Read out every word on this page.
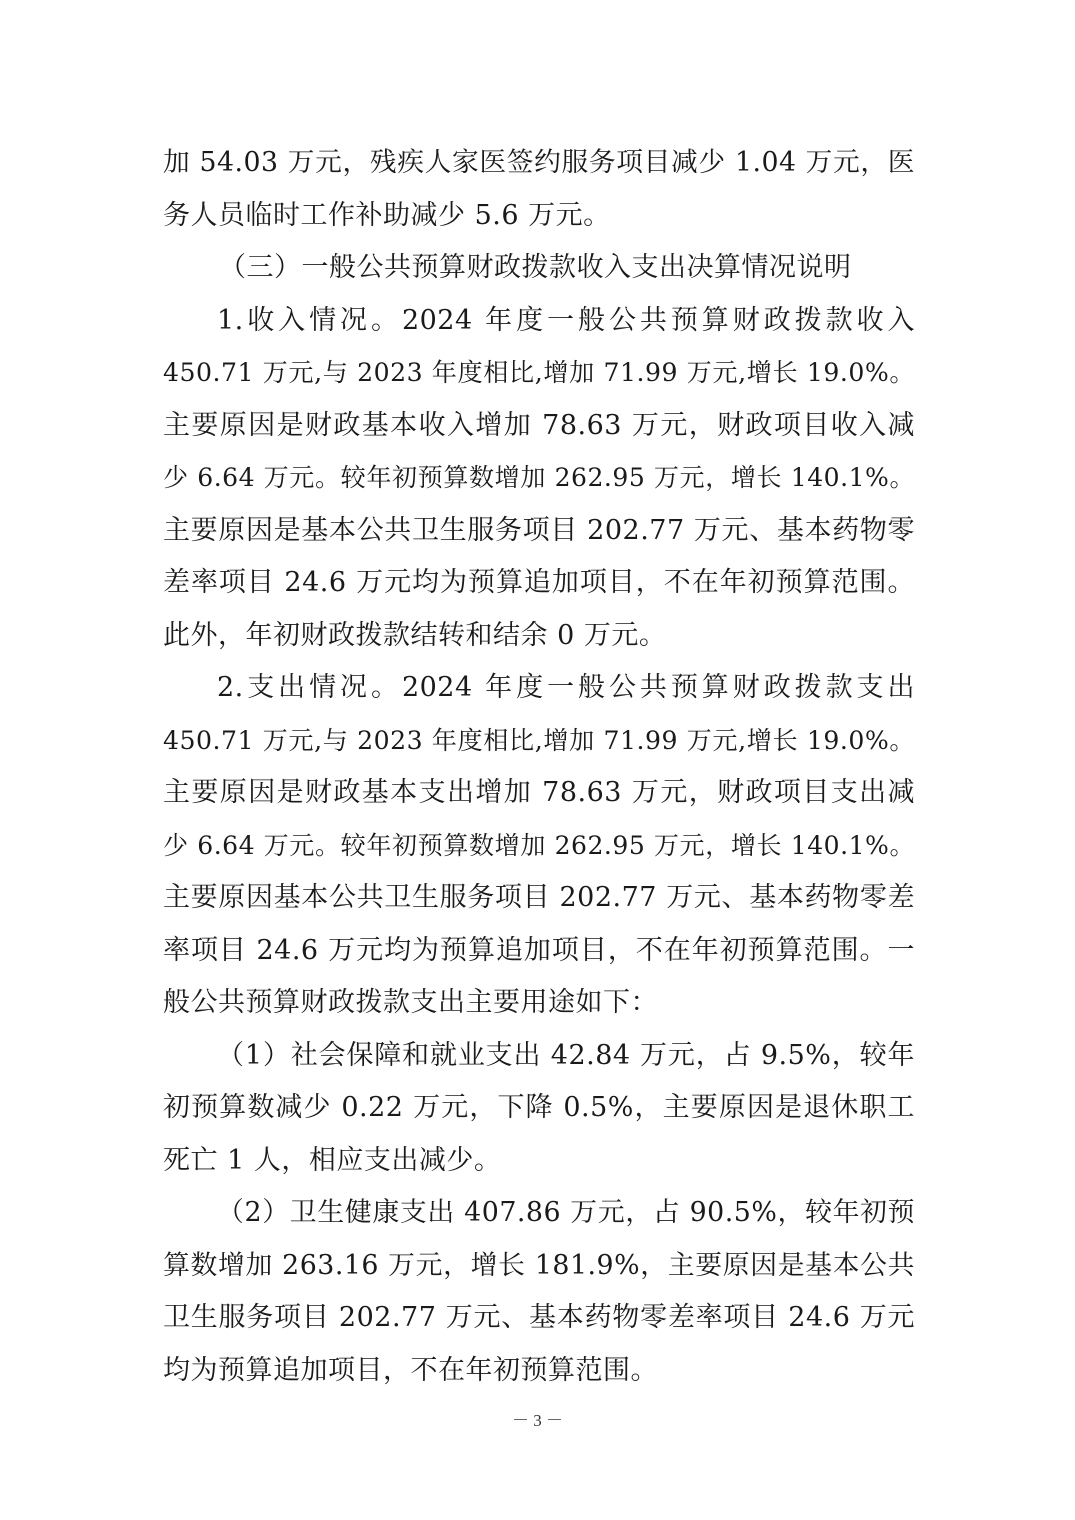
加 54.03 万元，残疾人家医签约服务项目减少 1.04 万元，医
务人员临时工作补助减少 5.6 万元。
（三）一般公共预算财政拨款收入支出决算情况说明
1.收入情况。2024 年度一般公共预算财政拨款收入
450.71 万元,与 2023 年度相比,增加 71.99 万元,增长 19.0%。
主要原因是财政基本收入增加 78.63 万元，财政项目收入减
少 6.64 万元。较年初预算数增加 262.95 万元，增长 140.1%。
主要原因是基本公共卫生服务项目 202.77 万元、基本药物零
差率项目 24.6 万元均为预算追加项目，不在年初预算范围。
此外，年初财政拨款结转和结余 0 万元。
2.支出情况。2024 年度一般公共预算财政拨款支出
450.71 万元,与 2023 年度相比,增加 71.99 万元,增长 19.0%。
主要原因是财政基本支出增加 78.63 万元，财政项目支出减
少 6.64 万元。较年初预算数增加 262.95 万元，增长 140.1%。
主要原因基本公共卫生服务项目 202.77 万元、基本药物零差
率项目 24.6 万元均为预算追加项目，不在年初预算范围。一
般公共预算财政拨款支出主要用途如下：
（1）社会保障和就业支出 42.84 万元，占 9.5%，较年
初预算数减少 0.22 万元，下降 0.5%，主要原因是退休职工
死亡 1 人，相应支出减少。
（2）卫生健康支出 407.86 万元，占 90.5%，较年初预
算数增加 263.16 万元，增长 181.9%，主要原因是基本公共
卫生服务项目 202.77 万元、基本药物零差率项目 24.6 万元
均为预算追加项目，不在年初预算范围。
－ 3 －
